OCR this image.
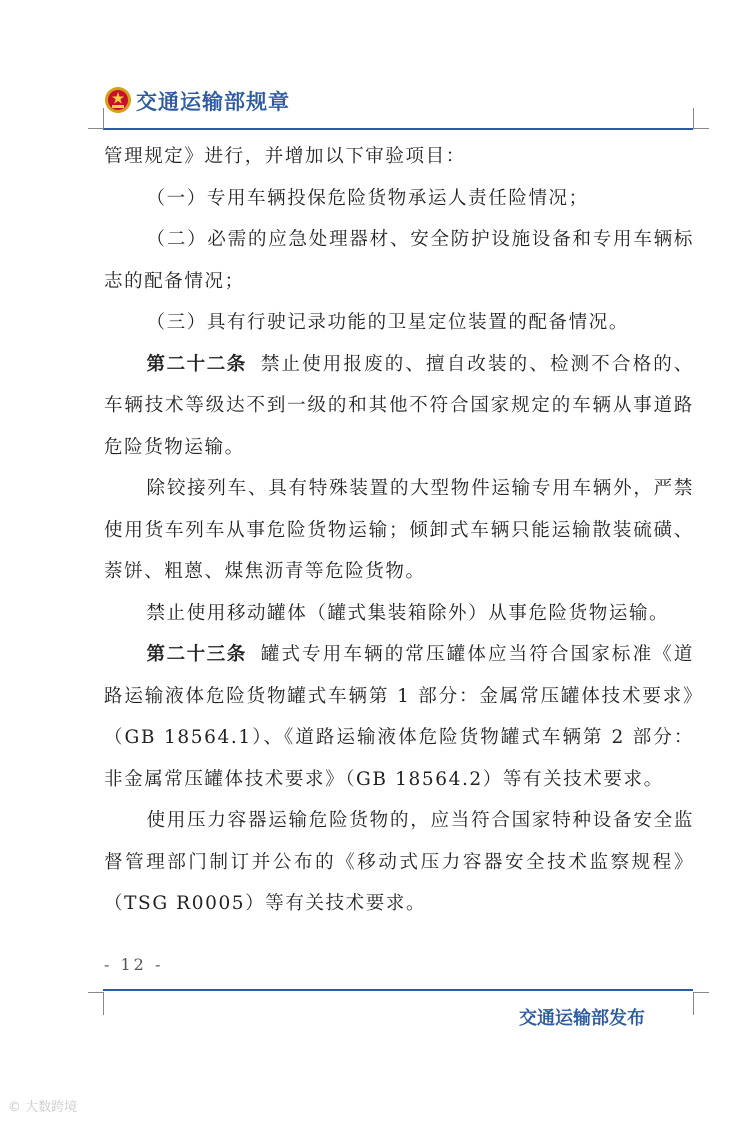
交通运输部规章

管理规定》进行，并增加以下审验项目：

（一）专用车辆投保危险货物承运人责任险情况；

（二）必需的应急处理器材、安全防护设施设备和专用车辆标志的配备情况；

（三）具有行驶记录功能的卫星定位装置的配备情况。

第二十二条 禁止使用报废的、擅自改装的、检测不合格的、车辆技术等级达不到一级的和其他不符合国家规定的车辆从事道路危险货物运输。

除铰接列车、具有特殊装置的大型物件运输专用车辆外，严禁使用货车列车从事危险货物运输；倾卸式车辆只能运输散装硫磺、萘饼、粗蒽、煤焦沥青等危险货物。

禁止使用移动罐体（罐式集装箱除外）从事危险货物运输。

第二十三条 罐式专用车辆的常压罐体应当符合国家标准《道路运输液体危险货物罐式车辆第 1 部分：金属常压罐体技术要求》（GB 18564.1）、《道路运输液体危险货物罐式车辆第 2 部分：非金属常压罐体技术要求》（GB 18564.2）等有关技术要求。

使用压力容器运输危险货物的，应当符合国家特种设备安全监督管理部门制订并公布的《移动式压力容器安全技术监察规程》（TSG R0005）等有关技术要求。

- 12 -
交通运输部发布
© 大数跨境
